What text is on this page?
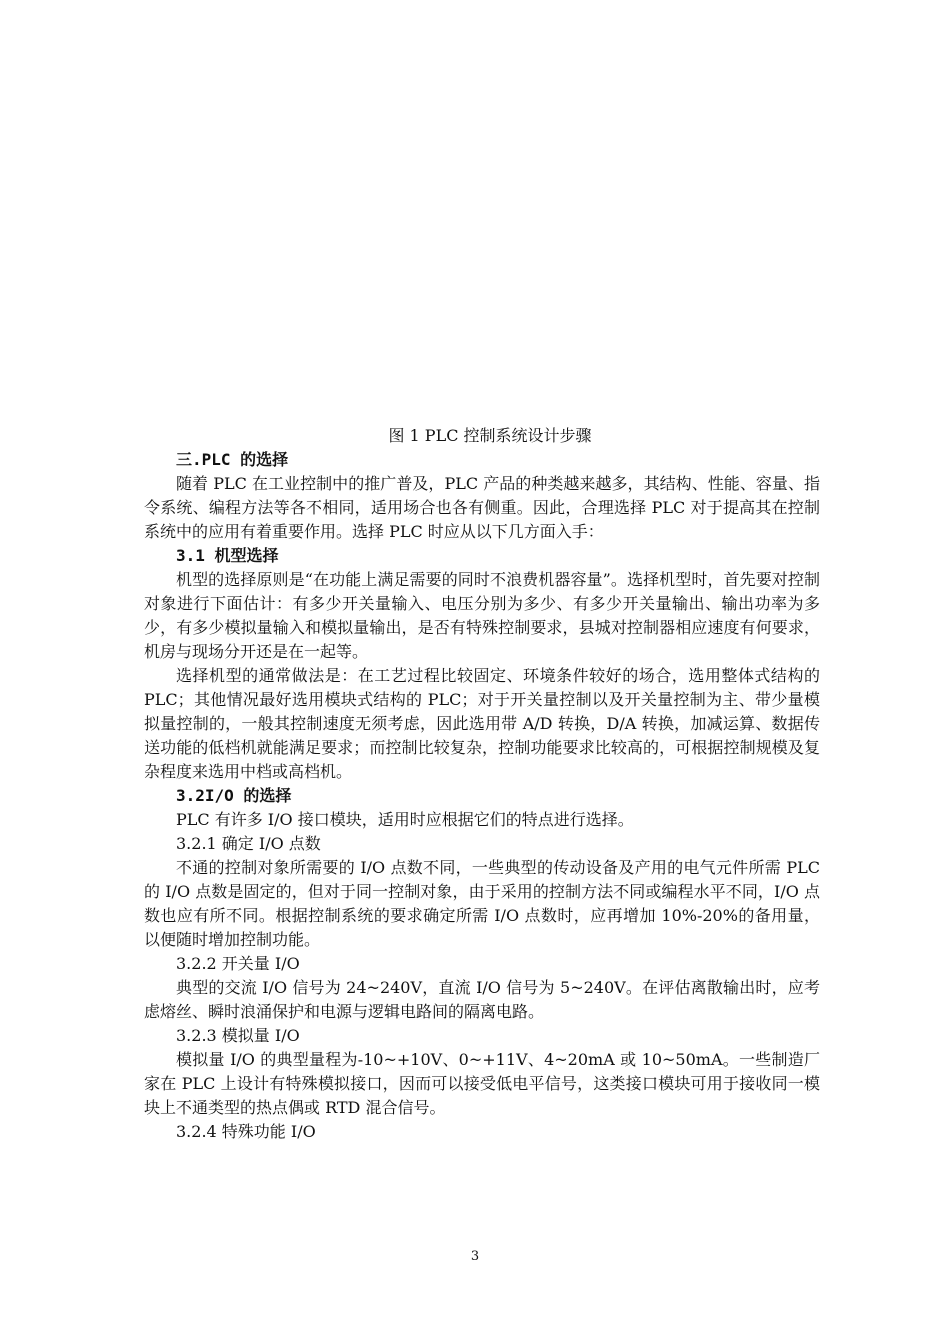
图 1 PLC 控制系统设计步骤

三.PLC 的选择

随着 PLC 在工业控制中的推广普及，PLC 产品的种类越来越多，其结构、性能、容量、指令系统、编程方法等各不相同，适用场合也各有侧重。因此，合理选择 PLC 对于提高其在控制系统中的应用有着重要作用。选择 PLC 时应从以下几方面入手：

3.1 机型选择

机型的选择原则是“在功能上满足需要的同时不浪费机器容量”。选择机型时，首先要对控制对象进行下面估计：有多少开关量输入、电压分别为多少、有多少开关量输出、输出功率为多少，有多少模拟量输入和模拟量输出，是否有特殊控制要求，县城对控制器相应速度有何要求，机房与现场分开还是在一起等。

选择机型的通常做法是：在工艺过程比较固定、环境条件较好的场合，选用整体式结构的 PLC；其他情况最好选用模块式结构的 PLC；对于开关量控制以及开关量控制为主、带少量模拟量控制的，一般其控制速度无须考虑，因此选用带 A/D 转换，D/A 转换，加减运算、数据传送功能的低档机就能满足要求；而控制比较复杂，控制功能要求比较高的，可根据控制规模及复杂程度来选用中档或高档机。

3.2I/O 的选择

PLC 有许多 I/O 接口模块，适用时应根据它们的特点进行选择。

3.2.1 确定 I/O 点数

不通的控制对象所需要的 I/O 点数不同，一些典型的传动设备及产用的电气元件所需 PLC 的 I/O 点数是固定的，但对于同一控制对象，由于采用的控制方法不同或编程水平不同，I/O 点数也应有所不同。根据控制系统的要求确定所需 I/O 点数时，应再增加 10%-20%的备用量，以便随时增加控制功能。

3.2.2 开关量 I/O

典型的交流 I/O 信号为 24~240V，直流 I/O 信号为 5~240V。在评估离散输出时，应考虑熔丝、瞬时浪涌保护和电源与逻辑电路间的隔离电路。

3.2.3 模拟量 I/O

模拟量 I/O 的典型量程为-10~+10V、0~+11V、4~20mA 或 10~50mA。一些制造厂家在 PLC 上设计有特殊模拟接口，因而可以接受低电平信号，这类接口模块可用于接收同一模块上不通类型的热点偶或 RTD 混合信号。

3.2.4 特殊功能 I/O

3
